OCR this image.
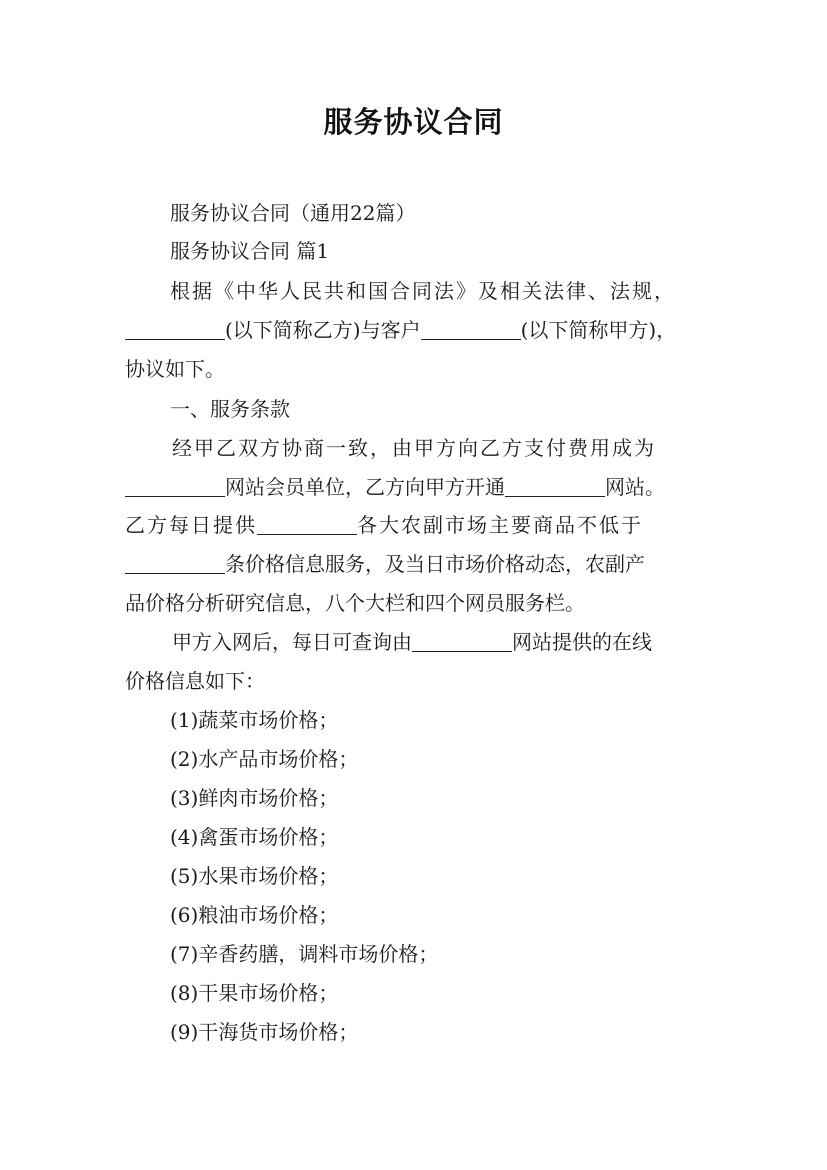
服务协议合同
服务协议合同（通用22篇）
服务协议合同 篇1
根据《中华人民共和国合同法》及相关法律、法规，
(以下简称乙方)与客户	(以下简称甲方)，
协议如下。
一、服务条款
经甲乙双方协商一致，由甲方向乙方支付费用成为
网站会员单位，乙方向甲方开通	网站。
乙方每日提供	各大农副市场主要商品不低于
条价格信息服务，及当日市场价格动态，农副产
品价格分析研究信息，八个大栏和四个网员服务栏。
甲方入网后，每日可查询由	网站提供的在线
价格信息如下：
(1)蔬菜市场价格；
(2)水产品市场价格；
(3)鲜肉市场价格；
(4)禽蛋市场价格；
(5)水果市场价格；
(6)粮油市场价格；
(7)辛香药膳，调料市场价格；
(8)干果市场价格；
(9)干海货市场价格；
